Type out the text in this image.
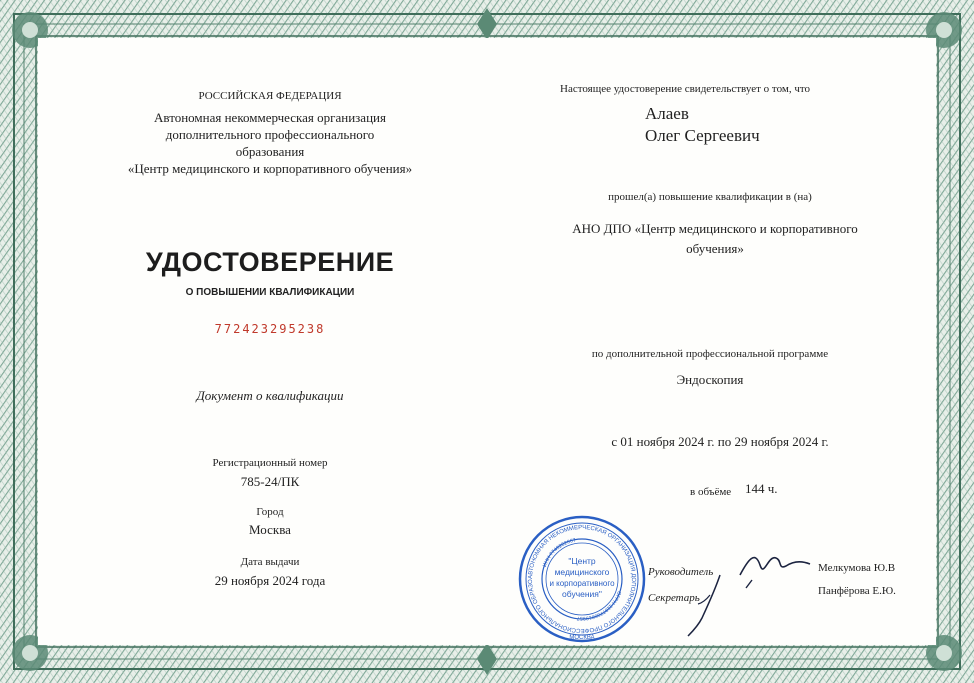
РОССИЙСКАЯ ФЕДЕРАЦИЯ
Автономная некоммерческая организация
дополнительного профессионального
образования
«Центр медицинского и корпоративного обучения»
УДОСТОВЕРЕНИЕ
О ПОВЫШЕНИИ КВАЛИФИКАЦИИ
772423295238
Документ о квалификации
Регистрационный номер
785-24/ПК
Город
Москва
Дата выдачи
29 ноября 2024 года
Настоящее удостоверение свидетельствует о том, что
Алаев
Олег Сергеевич
прошел(а) повышение квалификации в (на)
АНО ДПО «Центр медицинского и корпоративного
обучения»
по дополнительной профессиональной программе
Эндоскопия
с 01 ноября 2024 г. по 29 ноября 2024 г.
в объёме 144 ч.
Руководитель	Мелкумова Ю.В
Секретарь
Панфёрова Е.Ю.
АВТОНОМНАЯ НЕКОММЕРЧЕСКАЯ ОРГАНИЗАЦИЯ ДОПОЛНИТЕЛЬНОГО ПРОФЕССИОНАЛЬНОГО ОБРАЗО
ИНН 7743282667
ОГРН 1187700019957
МОСКВА
"Центр
медицинского
и корпоративного
обучения"
